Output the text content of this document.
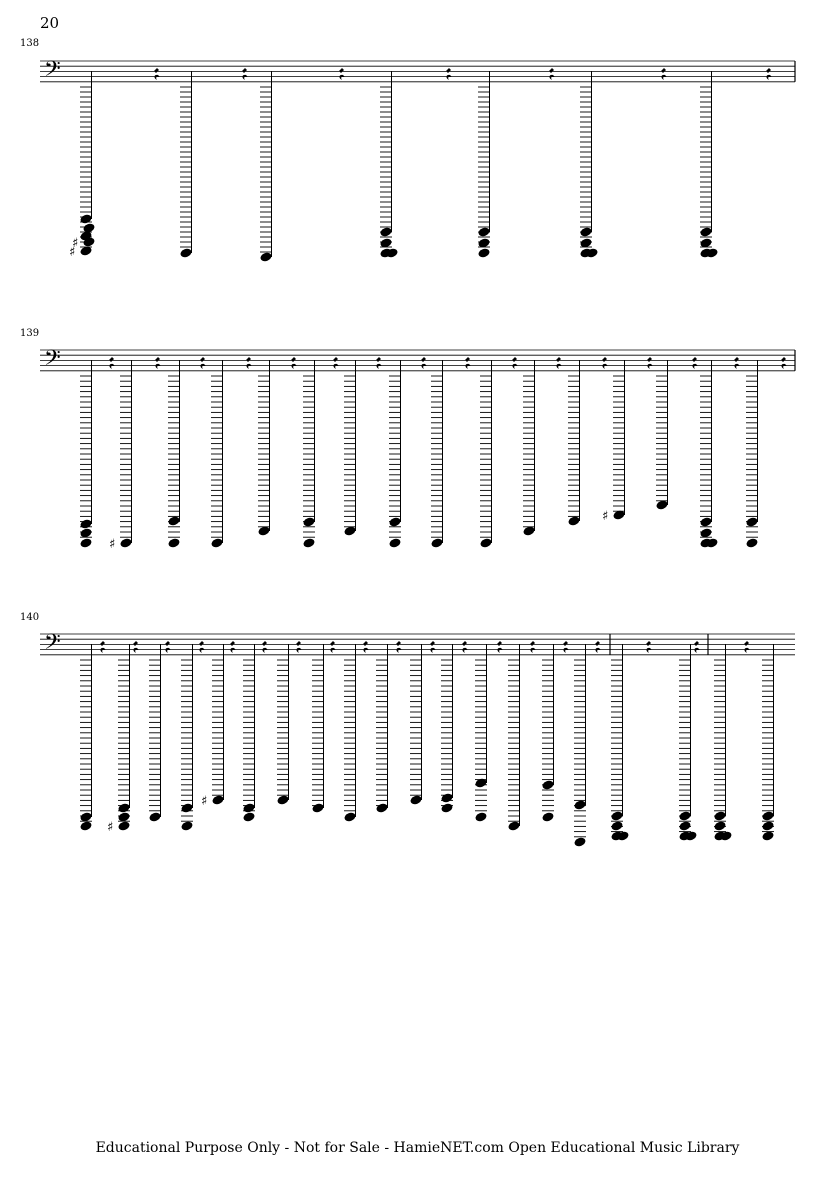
20
138
139
140
𝄢
♯
♯
𝄢
♯
♯
𝄢
♯
♯
Educational Purpose Only - Not for Sale - HamieNET.com Open Educational Music Library
